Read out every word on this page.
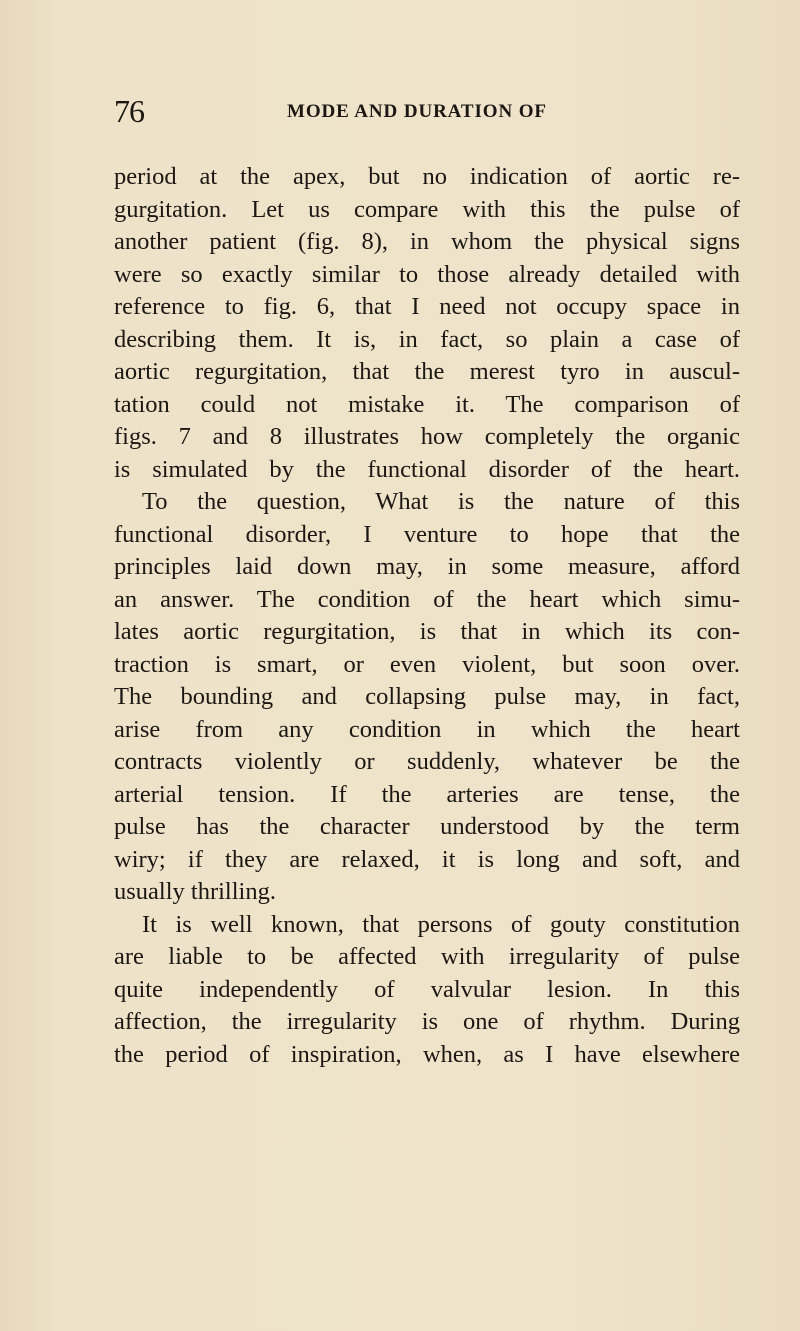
76	MODE AND DURATION OF
period at the apex, but no indication of aortic re-
gurgitation. Let us compare with this the pulse of
another patient (fig. 8), in whom the physical signs
were so exactly similar to those already detailed with
reference to fig. 6, that I need not occupy space in
describing them. It is, in fact, so plain a case of
aortic regurgitation, that the merest tyro in auscul-
tation could not mistake it. The comparison of
figs. 7 and 8 illustrates how completely the organic
is simulated by the functional disorder of the heart.
To the question, What is the nature of this
functional disorder, I venture to hope that the
principles laid down may, in some measure, afford
an answer. The condition of the heart which simu-
lates aortic regurgitation, is that in which its con-
traction is smart, or even violent, but soon over.
The bounding and collapsing pulse may, in fact,
arise from any condition in which the heart
contracts violently or suddenly, whatever be the
arterial tension. If the arteries are tense, the
pulse has the character understood by the term
wiry; if they are relaxed, it is long and soft, and
usually thrilling.
It is well known, that persons of gouty constitution
are liable to be affected with irregularity of pulse
quite independently of valvular lesion. In this
affection, the irregularity is one of rhythm. During
the period of inspiration, when, as I have elsewhere
